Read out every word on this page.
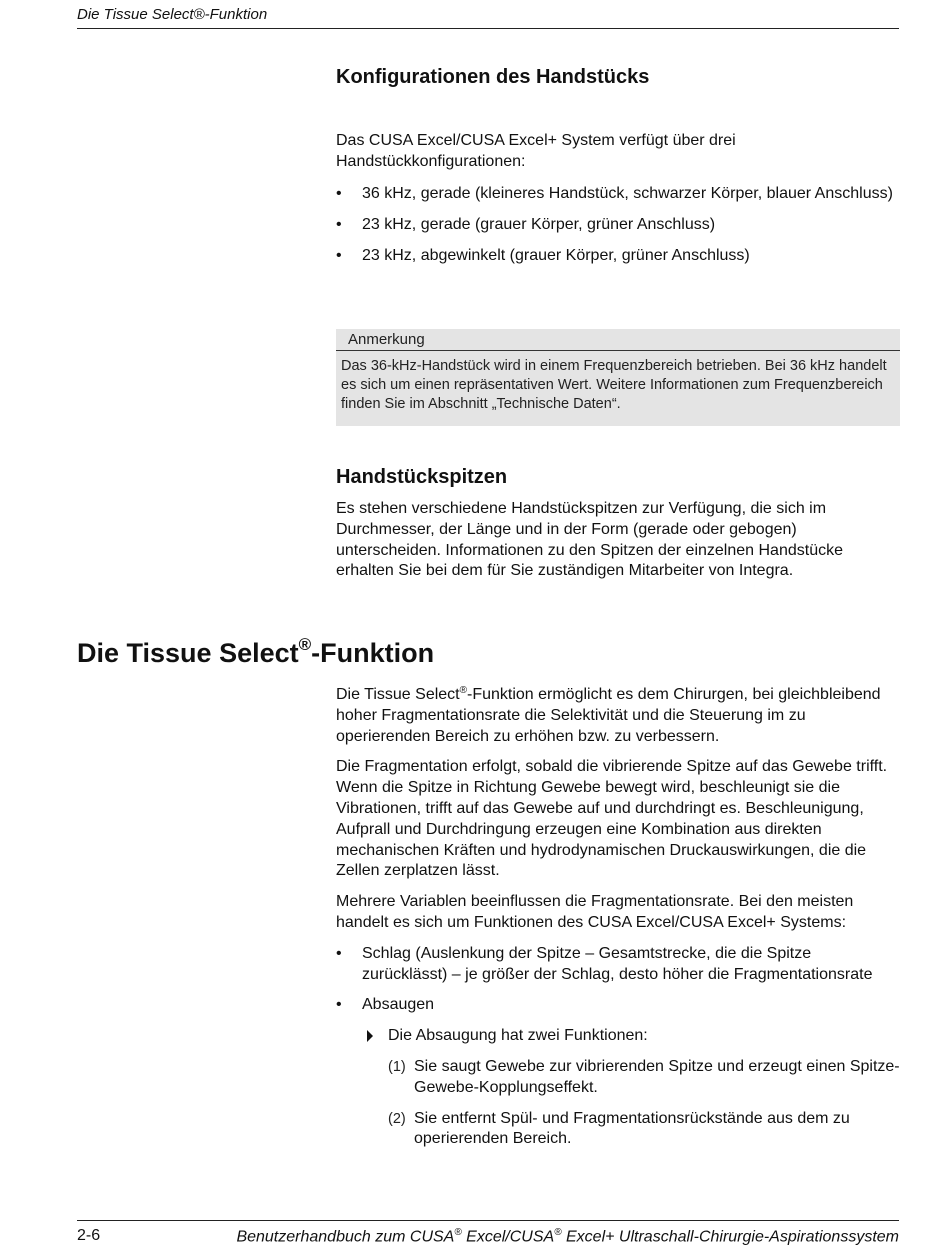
Die Tissue Select®-Funktion
Konfigurationen des Handstücks

Das CUSA Excel/CUSA Excel+ System verfügt über drei Handstückkonfigurationen:

•	36 kHz, gerade (kleineres Handstück, schwarzer Körper, blauer Anschluss)
•	23 kHz, gerade (grauer Körper, grüner Anschluss)
•	23 kHz, abgewinkelt (grauer Körper, grüner Anschluss)
Anmerkung
Das 36-kHz-Handstück wird in einem Frequenzbereich betrieben. Bei 36 kHz handelt es sich um einen repräsentativen Wert. Weitere Informationen zum Frequenzbereich finden Sie im Abschnitt „Technische Daten“.
Handstückspitzen

Es stehen verschiedene Handstückspitzen zur Verfügung, die sich im Durchmesser, der Länge und in der Form (gerade oder gebogen) unterscheiden. Informationen zu den Spitzen der einzelnen Handstücke erhalten Sie bei dem für Sie zuständigen Mitarbeiter von Integra.

Die Tissue Select®-Funktion

Die Tissue Select®-Funktion ermöglicht es dem Chirurgen, bei gleichbleibend hoher Fragmentationsrate die Selektivität und die Steuerung im zu operierenden Bereich zu erhöhen bzw. zu verbessern.

Die Fragmentation erfolgt, sobald die vibrierende Spitze auf das Gewebe trifft. Wenn die Spitze in Richtung Gewebe bewegt wird, beschleunigt sie die Vibrationen, trifft auf das Gewebe auf und durchdringt es. Beschleunigung, Aufprall und Durchdringung erzeugen eine Kombination aus direkten mechanischen Kräften und hydrodynamischen Druckauswirkungen, die die Zellen zerplatzen lässt.

Mehrere Variablen beeinflussen die Fragmentationsrate. Bei den meisten handelt es sich um Funktionen des CUSA Excel/CUSA Excel+ Systems:

•	Schlag (Auslenkung der Spitze – Gesamtstrecke, die die Spitze zurücklässt) – je größer der Schlag, desto höher die Fragmentationsrate
•	Absaugen
Die Absaugung hat zwei Funktionen:
(1) Sie saugt Gewebe zur vibrierenden Spitze und erzeugt einen Spitze-Gewebe-Kopplungseffekt.
(2) Sie entfernt Spül- und Fragmentationsrückstände aus dem zu operierenden Bereich.
2-6	Benutzerhandbuch zum CUSA® Excel/CUSA® Excel+ Ultraschall-Chirurgie-Aspirationssystem
